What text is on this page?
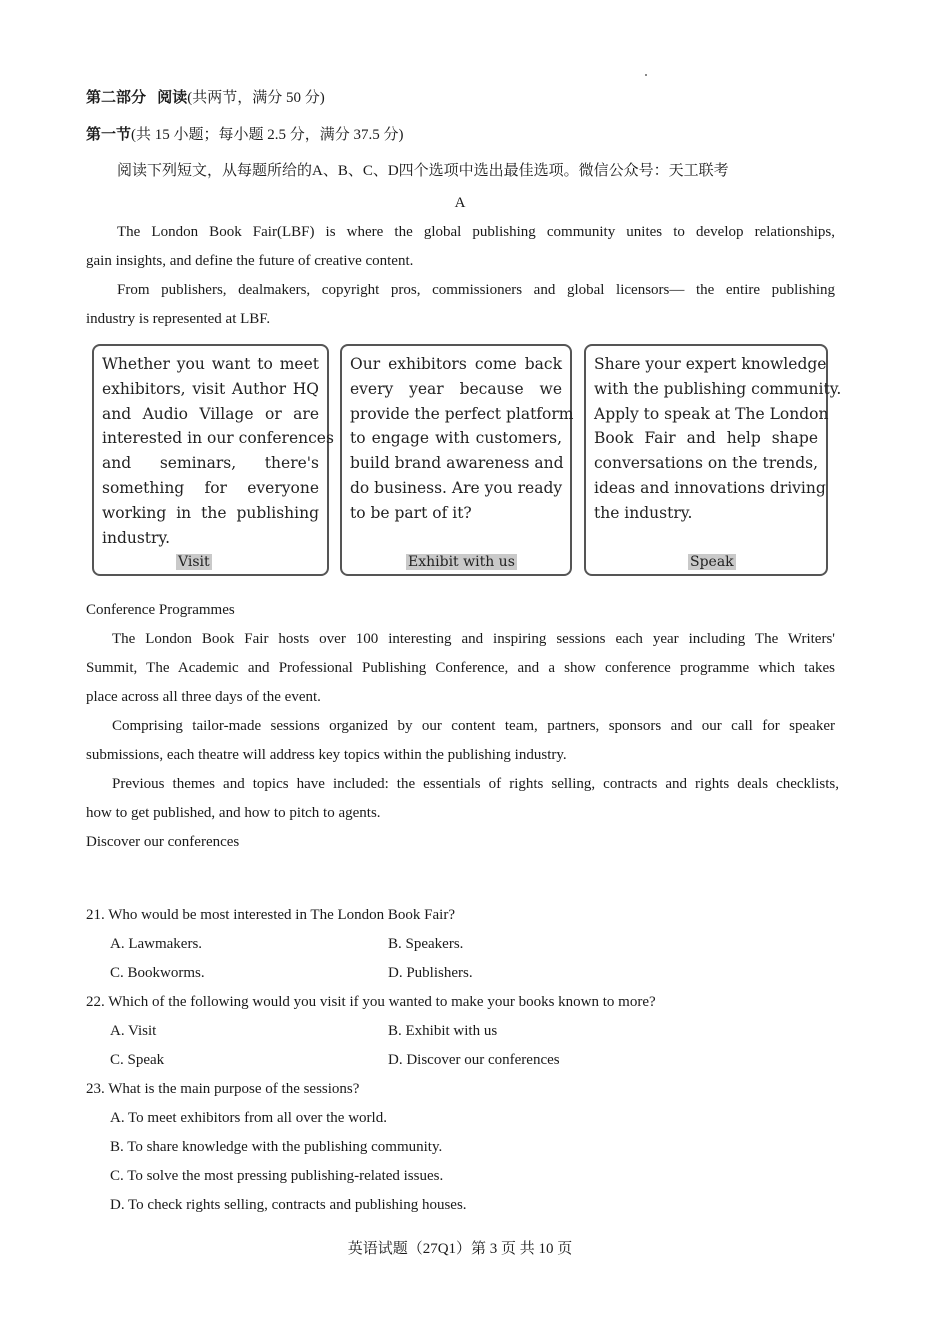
第二部分 阅读(共两节，满分 50 分)
第一节(共 15 小题；每小题 2.5 分，满分 37.5 分)
阅读下列短文，从每题所给的A、B、C、D四个选项中选出最佳选项。微信公众号：天工联考
A
The London Book Fair(LBF) is where the global publishing community unites to develop relationships,
gain insights, and define the future of creative content.
From publishers, dealmakers, copyright pros, commissioners and global licensors— the entire publishing
industry is represented at LBF.
Whether you want to meet
exhibitors, visit Author HQ
and Audio Village or are
interested in our conferences
and seminars, there's
something for everyone
working in the publishing
industry.
Visit
Our exhibitors come back
every year because we
provide the perfect platform
to engage with customers,
build brand awareness and
do business. Are you ready
to be part of it?
Exhibit with us
Share your expert knowledge
with the publishing community.
Apply to speak at The London
Book Fair and help shape
conversations on the trends,
ideas and innovations driving
the industry.
Speak
Conference Programmes
The London Book Fair hosts over 100 interesting and inspiring sessions each year including The Writers'
Summit, The Academic and Professional Publishing Conference, and a show conference programme which takes
place across all three days of the event.
Comprising tailor-made sessions organized by our content team, partners, sponsors and our call for speaker
submissions, each theatre will address key topics within the publishing industry.
Previous themes and topics have included: the essentials of rights selling, contracts and rights deals checklists,
how to get published, and how to pitch to agents.
Discover our conferences
21. Who would be most interested in The London Book Fair?
A. Lawmakers.	B. Speakers.
C. Bookworms.	D. Publishers.
22. Which of the following would you visit if you wanted to make your books known to more?
A. Visit	B. Exhibit with us
C. Speak	D. Discover our conferences
23. What is the main purpose of the sessions?
A. To meet exhibitors from all over the world.
B. To share knowledge with the publishing community.
C. To solve the most pressing publishing-related issues.
D. To check rights selling, contracts and publishing houses.
英语试题（27Q1）第 3 页 共 10 页
